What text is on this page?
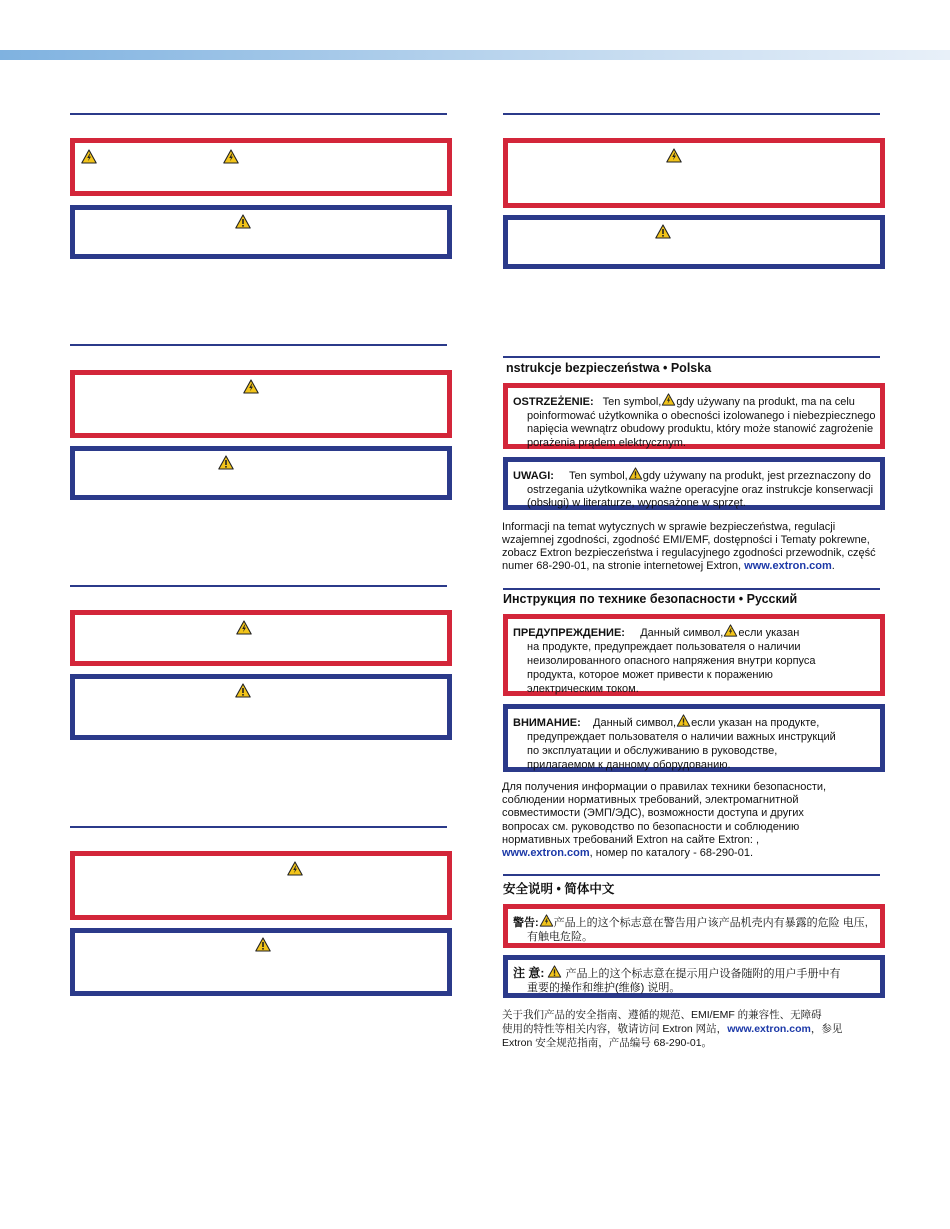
nstrukcje bezpieczeństwa • Polska
OSTRZEŻENIE: Ten symbol, gdy używany na produkt, ma na celu
poinformować użytkownika o obecności izolowanego i niebezpiecznego
napięcia wewnątrz obudowy produktu, który może stanowić zagrożenie
porażenia prądem elektrycznym.
UWAGI: Ten symbol, gdy używany na produkt, jest przeznaczony do
ostrzegania użytkownika ważne operacyjne oraz instrukcje konserwacji
(obsługi) w literaturze, wyposażone w sprzęt.
Informacji na temat wytycznych w sprawie bezpieczeństwa, regulacji
wzajemnej zgodności, zgodność EMI/EMF, dostępności i Tematy pokrewne,
zobacz Extron bezpieczeństwa i regulacyjnego zgodności przewodnik, część
numer 68-290-01, na stronie internetowej Extron, www.extron.com.
Инструкция по технике безопасности • Русский
ПРЕДУПРЕЖДЕНИЕ: Данный символ, если указан
на продукте, предупреждает пользователя о наличии
неизолированного опасного напряжения внутри корпуса
продукта, которое может привести к поражению
электрическим током.
ВНИМАНИЕ: Данный символ, если указан на продукте,
предупреждает пользователя о наличии важных инструкций
по эксплуатации и обслуживанию в руководстве,
прилагаемом к данному оборудованию.
Для получения информации о правилах техники безопасности,
соблюдении нормативных требований, электромагнитной
совместимости (ЭМП/ЭДС), возможности доступа и других
вопросах см. руководство по безопасности и соблюдению
нормативных требований Extron на сайте Extron: ,
www.extron.com, номер по каталогу - 68-290-01.
安全说明 • 简体中文
警告: 产品上的这个标志意在警告用户该产品机壳内有暴露的危险 电压,
有触电危险。
注 意: 产品上的这个标志意在提示用户设备随附的用户手册中有
重要的操作和维护(维修) 说明。
关于我们产品的安全指南、遵循的规范、EMI/EMF 的兼容性、无障碍
使用的特性等相关内容，敬请访问 Extron 网站，www.extron.com，参见
Extron 安全规范指南，产品编号 68-290-01。
